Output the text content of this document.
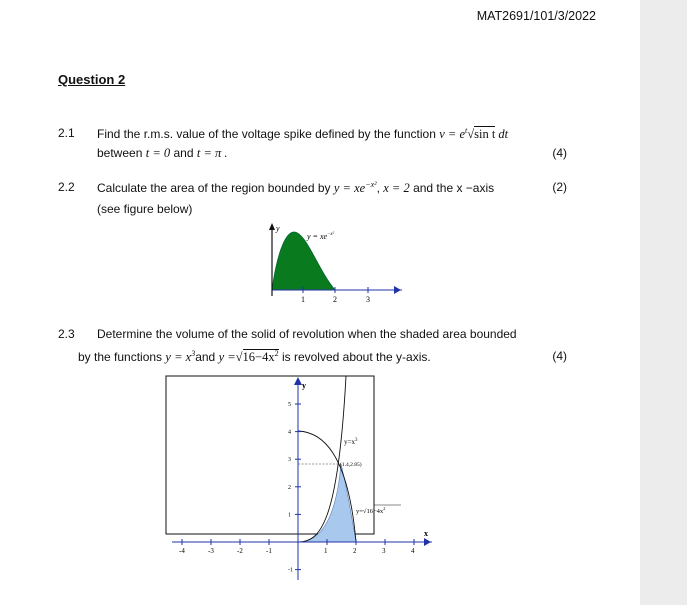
MAT2691/101/3/2022
Question 2
2.1 Find the r.m.s. value of the voltage spike defined by the function $v = e^t√\sin$ t dt
between t = 0 and t = π .	(4)
2.2 Calculate the area of the region bounded by $y = xe^{-x^2}$, x = 2 and the x −axis	(2)
(see figure below)
y
$y = xe^{-x^2}$
1	2	3
2.3 Determine the volume of the solid of revolution when the shaded area bounded
by the functions $y = x^3and$ $y =√16-4x^2$ is revolved about the y-axis.	(4)
y
x
-4	-3	-2	-1	1	2	3	4
-1
1
2
3
4
5
$y=x^3$
(1.4,2.85)
$y=√16-4x^2$
